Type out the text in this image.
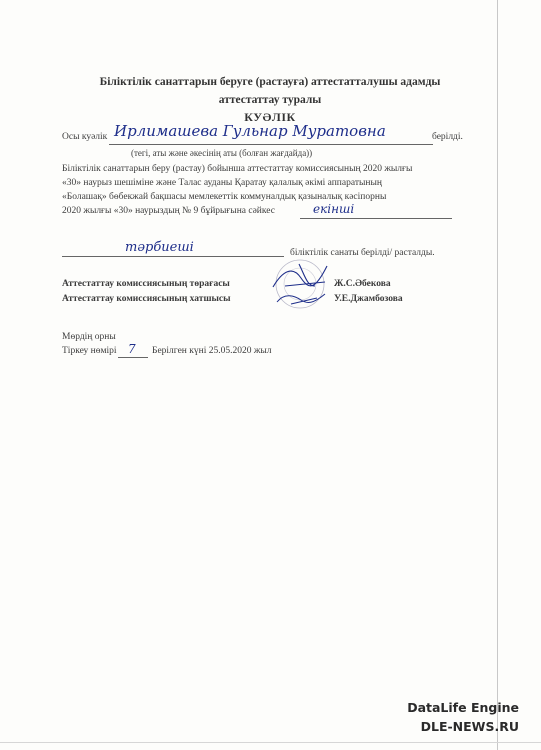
Біліктілік санаттарын беруге (растауға) аттестатталушы адамды
аттестаттау туралы
КУӘЛІК
Осы куәлік Ирлимашева Гульнар Муратовна	берілді.
(тегі, аты және әкесінің аты (болған жағдайда))
Біліктілік санаттарын беру (растау) бойынша аттестаттау комиссиясының 2020 жылғы
«30» наурыз шешіміне және Талас ауданы Қаратау қалалық әкімі аппаратының
«Болашақ» бөбекжай бақшасы мемлекеттік коммуналдық қазыналық кәсіпорны
2020 жылғы «30» наурыздың № 9 бұйрығына сәйкес	екінші
тәрбиеші	біліктілік санаты берілді/ расталды.
Аттестаттау комиссиясының төрағасы	Ж.С.Әбекова
Аттестаттау комиссиясының хатшысы	У.Е.Джамбозова
Мөрдің орны
Тіркеу нөмірі 7 Берілген күні 25.05.2020 жыл
DataLife Engine
DLE-NEWS.RU
